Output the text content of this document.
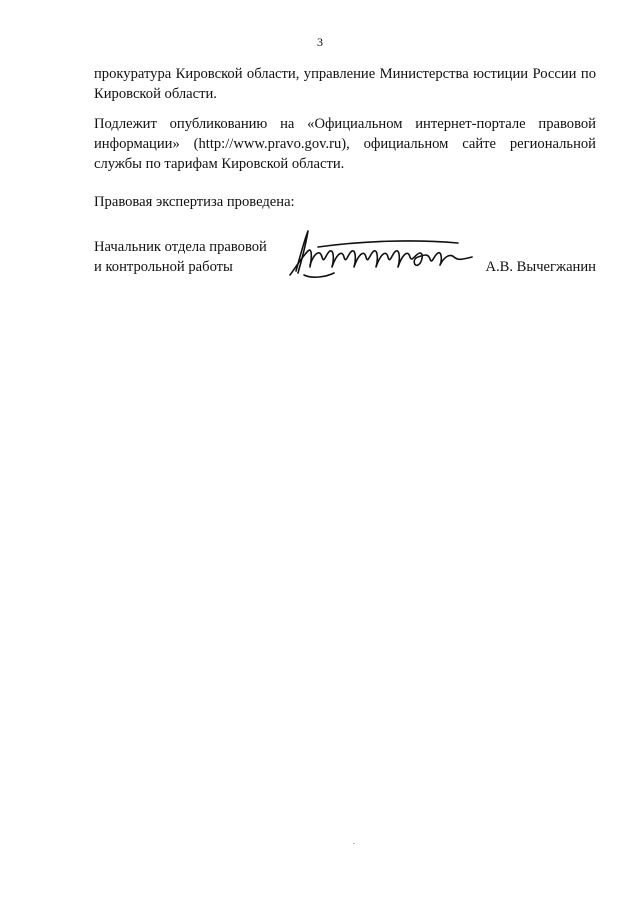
3

прокуратура Кировской области, управление Министерства юстиции России по Кировской области.

Подлежит опубликованию на «Официальном интернет-портале правовой информации» (http://www.pravo.gov.ru), официальном сайте региональной службы по тарифам Кировской области.

Правовая экспертиза проведена:

Начальник отдела правовой
и контрольной работы	А.В. Вычегжанин
